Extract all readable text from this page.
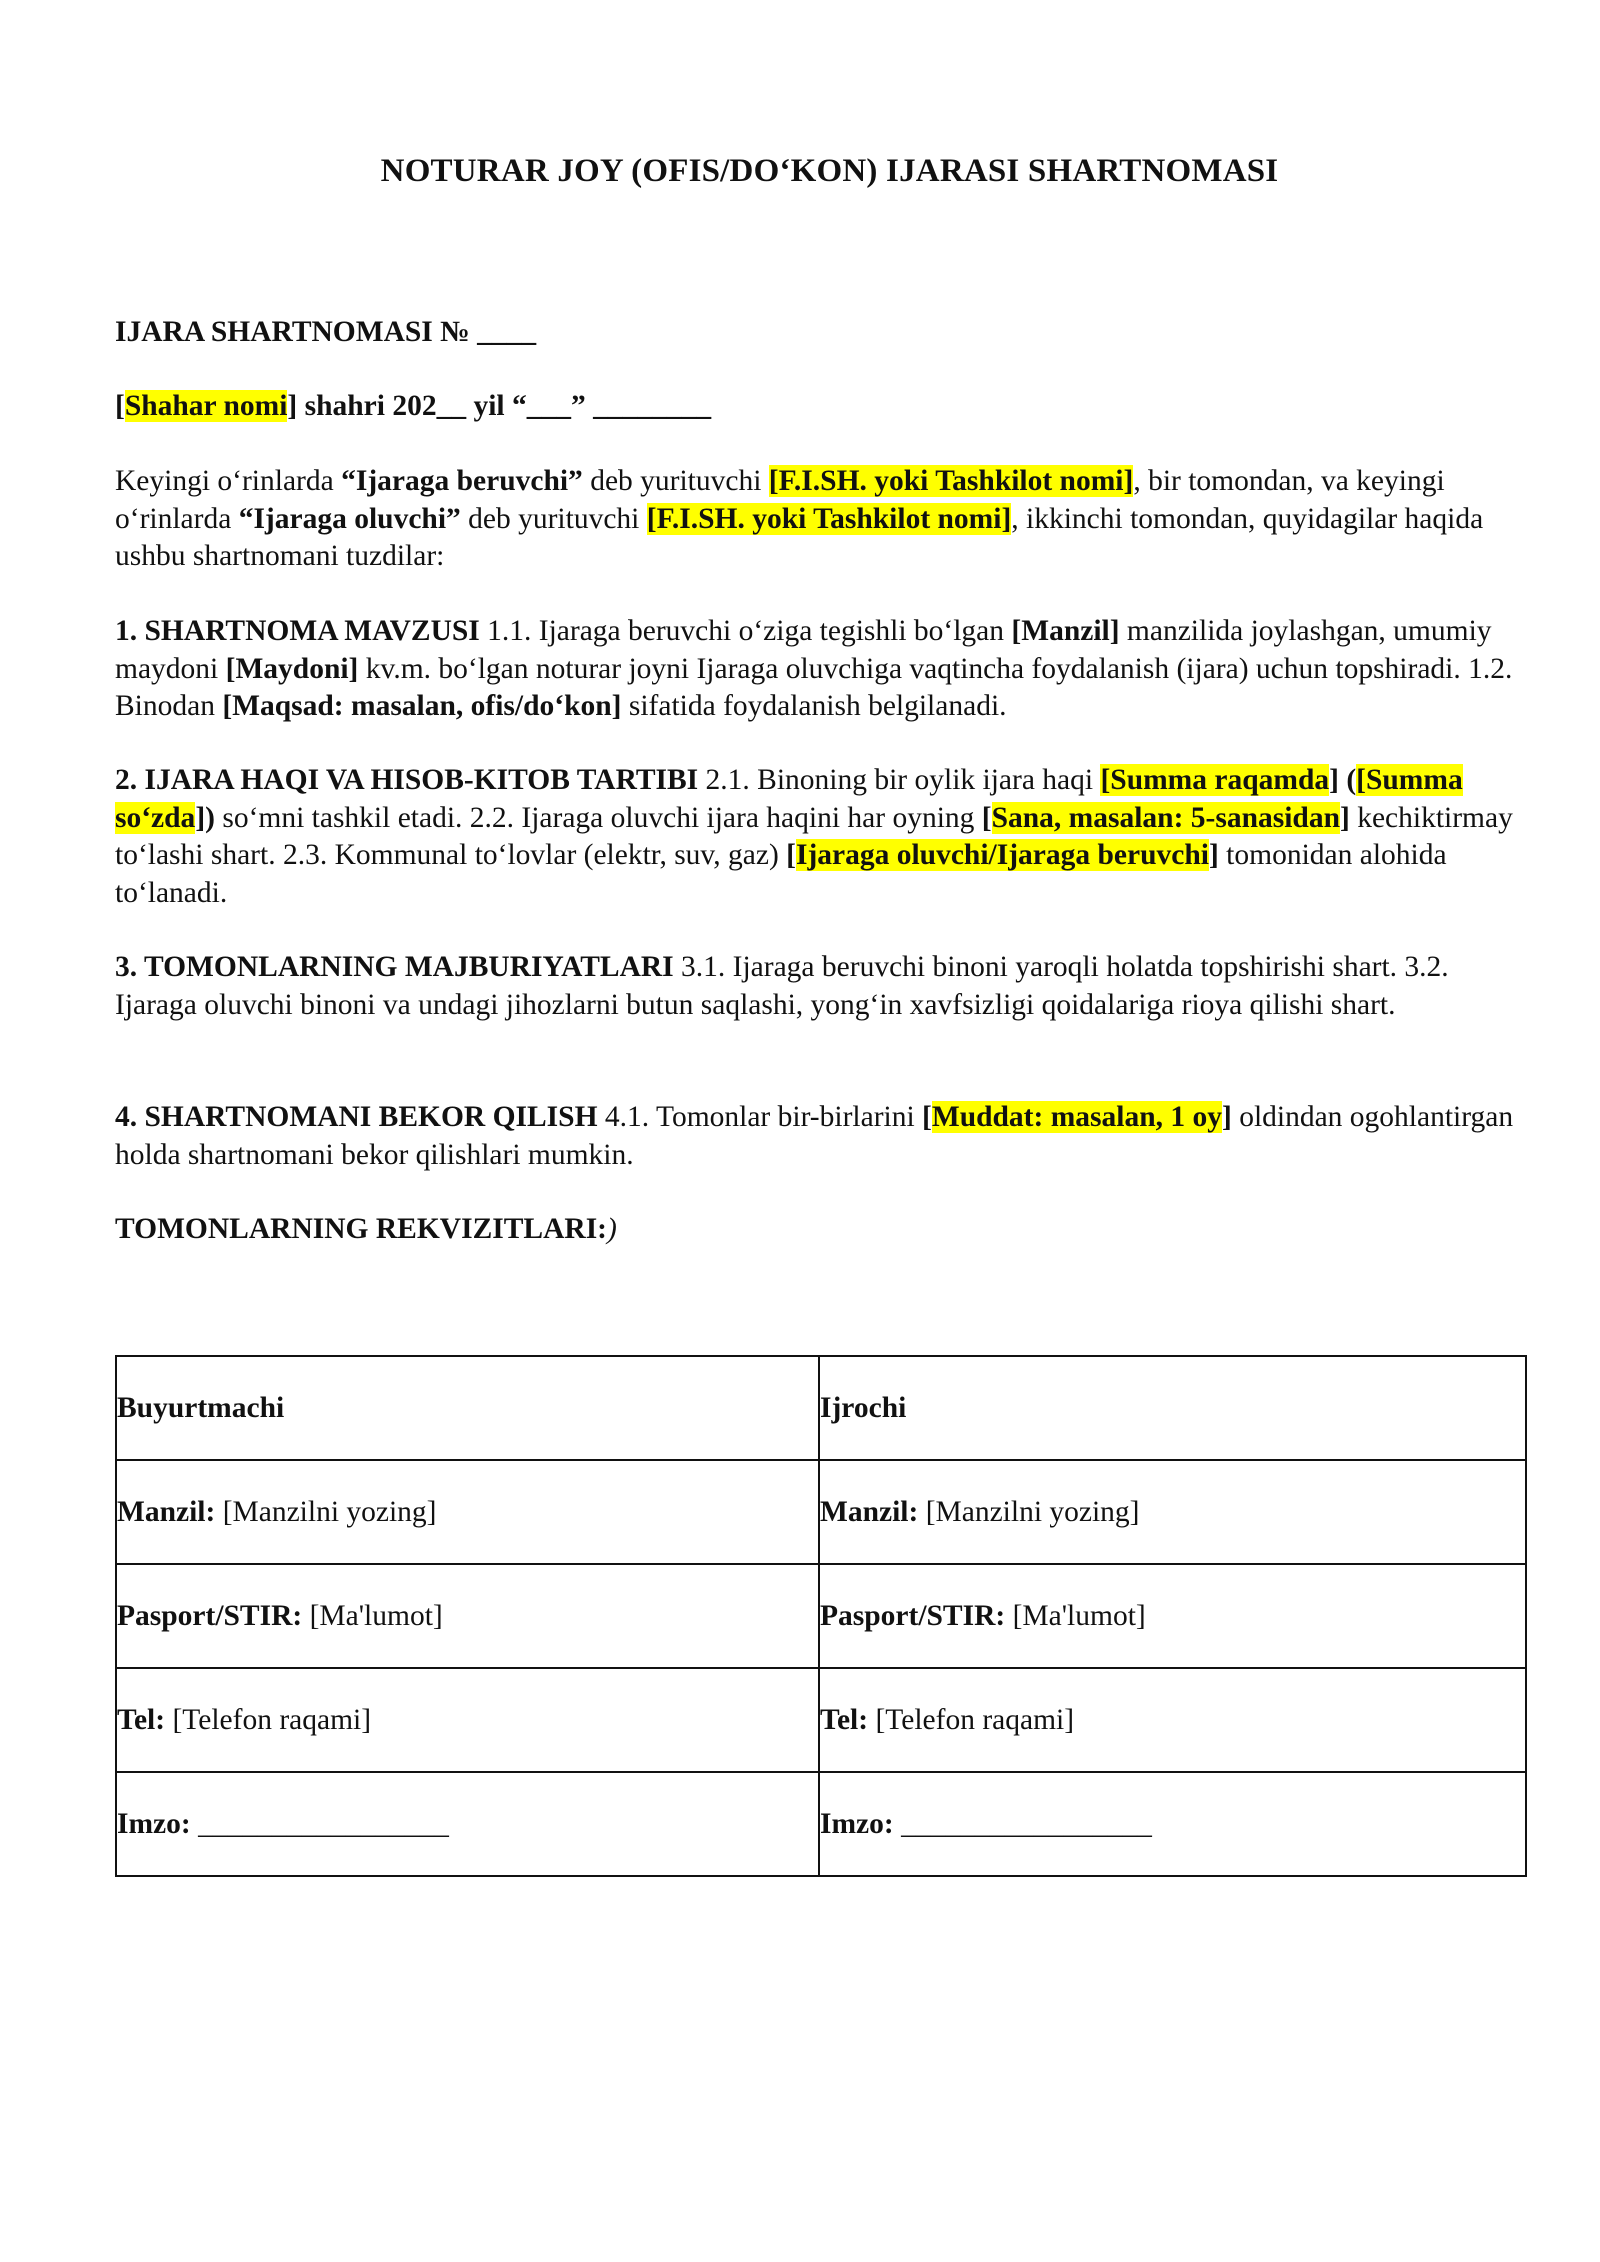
NOTURAR JOY (OFIS/DO‘KON) IJARASI SHARTNOMASI
IJARA SHARTNOMASI № ____
[Shahar nomi] shahri 202__ yil “___” ________
Keyingi o‘rinlarda “Ijaraga beruvchi” deb yurituvchi [F.I.SH. yoki Tashkilot nomi], bir tomondan, va keyingi o‘rinlarda “Ijaraga oluvchi” deb yurituvchi [F.I.SH. yoki Tashkilot nomi], ikkinchi tomondan, quyidagilar haqida ushbu shartnomani tuzdilar:
1. SHARTNOMA MAVZUSI 1.1. Ijaraga beruvchi o‘ziga tegishli bo‘lgan [Manzil] manzilida joylashgan, umumiy maydoni [Maydoni] kv.m. bo‘lgan noturar joyni Ijaraga oluvchiga vaqtincha foydalanish (ijara) uchun topshiradi. 1.2. Binodan [Maqsad: masalan, ofis/do‘kon] sifatida foydalanish belgilanadi.
2. IJARA HAQI VA HISOB-KITOB TARTIBI 2.1. Binoning bir oylik ijara haqi [Summa raqamda] ([Summa so‘zda]) so‘mni tashkil etadi. 2.2. Ijaraga oluvchi ijara haqini har oyning [Sana, masalan: 5-sanasidan] kechiktirmay to‘lashi shart. 2.3. Kommunal to‘lovlar (elektr, suv, gaz) [Ijaraga oluvchi/Ijaraga beruvchi] tomonidan alohida to‘lanadi.
3. TOMONLARNING MAJBURIYATLARI 3.1. Ijaraga beruvchi binoni yaroqli holatda topshirishi shart. 3.2. Ijaraga oluvchi binoni va undagi jihozlarni butun saqlashi, yong‘in xavfsizligi qoidalariga rioya qilishi shart.
4. SHARTNOMANI BEKOR QILISH 4.1. Tomonlar bir-birlarini [Muddat: masalan, 1 oy] oldindan ogohlantirgan holda shartnomani bekor qilishlari mumkin.
TOMONLARNING REKVIZITLARI:)
Buyurtmachi	Ijrochi
Manzil: [Manzilni yozing]	Manzil: [Manzilni yozing]
Pasport/STIR: [Ma'lumot]	Pasport/STIR: [Ma'lumot]
Tel: [Telefon raqami]	Tel: [Telefon raqami]
Imzo: _________________	Imzo: _________________
